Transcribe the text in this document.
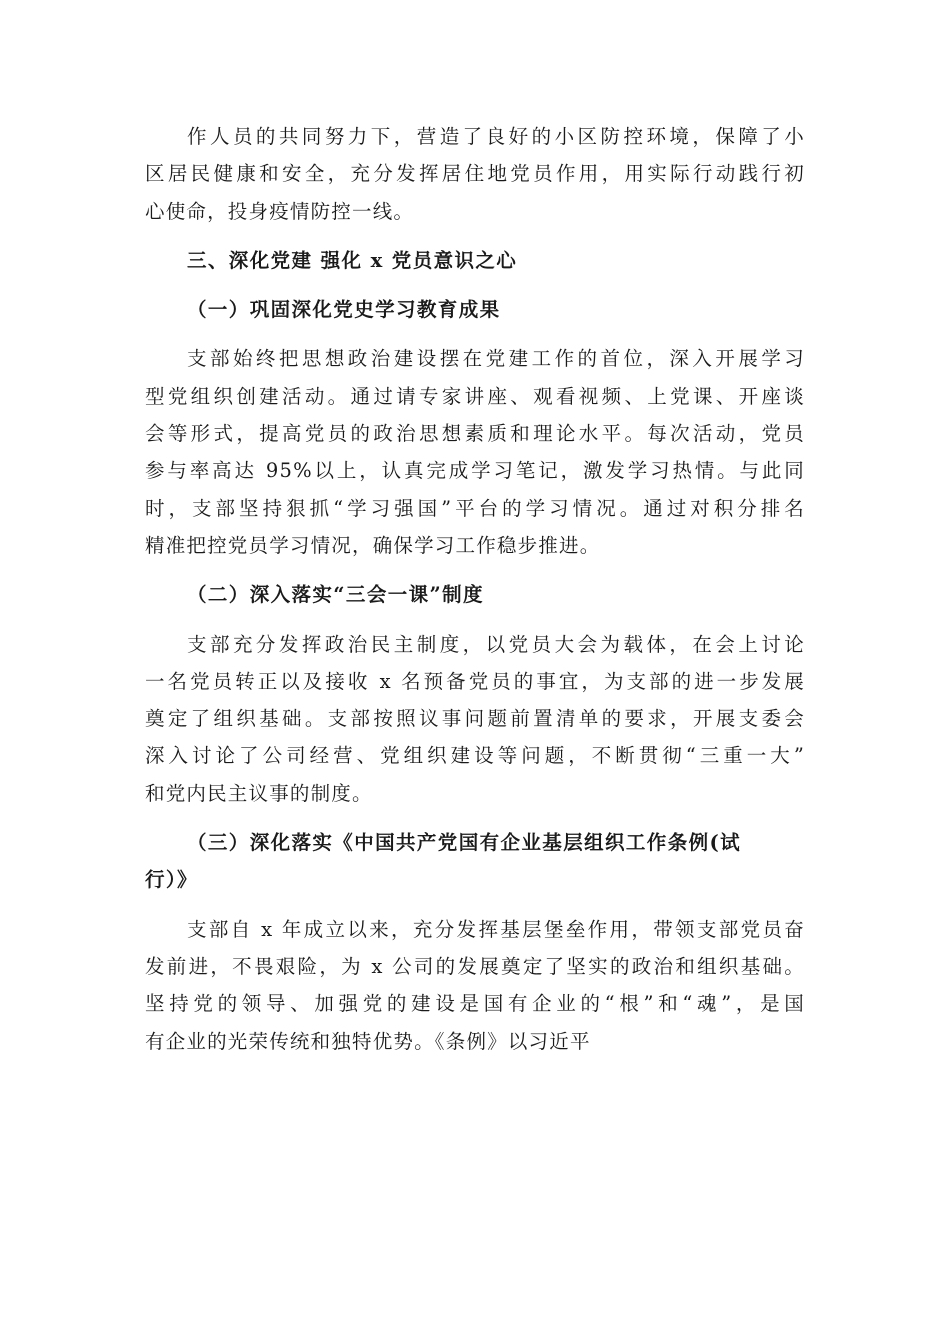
作人员的共同努力下，营造了良好的小区防控环境，保障了小
区居民健康和安全，充分发挥居住地党员作用，用实际行动践行初
心使命，投身疫情防控一线。
三、深化党建 强化 x 党员意识之心
（一）巩固深化党史学习教育成果
支部始终把思想政治建设摆在党建工作的首位，深入开展学习
型党组织创建活动。通过请专家讲座、观看视频、上党课、开座谈
会等形式，提高党员的政治思想素质和理论水平。每次活动，党员
参与率高达 95%以上，认真完成学习笔记，激发学习热情。与此同
时，支部坚持狠抓“学习强国”平台的学习情况。通过对积分排名
精准把控党员学习情况，确保学习工作稳步推进。
（二）深入落实“三会一课”制度
支部充分发挥政治民主制度，以党员大会为载体，在会上讨论
一名党员转正以及接收 x 名预备党员的事宜，为支部的进一步发展
奠定了组织基础。支部按照议事问题前置清单的要求，开展支委会
深入讨论了公司经营、党组织建设等问题，不断贯彻“三重一大”
和党内民主议事的制度。
（三）深化落实《中国共产党国有企业基层组织工作条例(试
行）》
支部自 x 年成立以来，充分发挥基层堡垒作用，带领支部党员奋
发前进，不畏艰险，为 x 公司的发展奠定了坚实的政治和组织基础。
坚持党的领导、加强党的建设是国有企业的“根”和“魂”，是国
有企业的光荣传统和独特优势。《条例》以习近平
